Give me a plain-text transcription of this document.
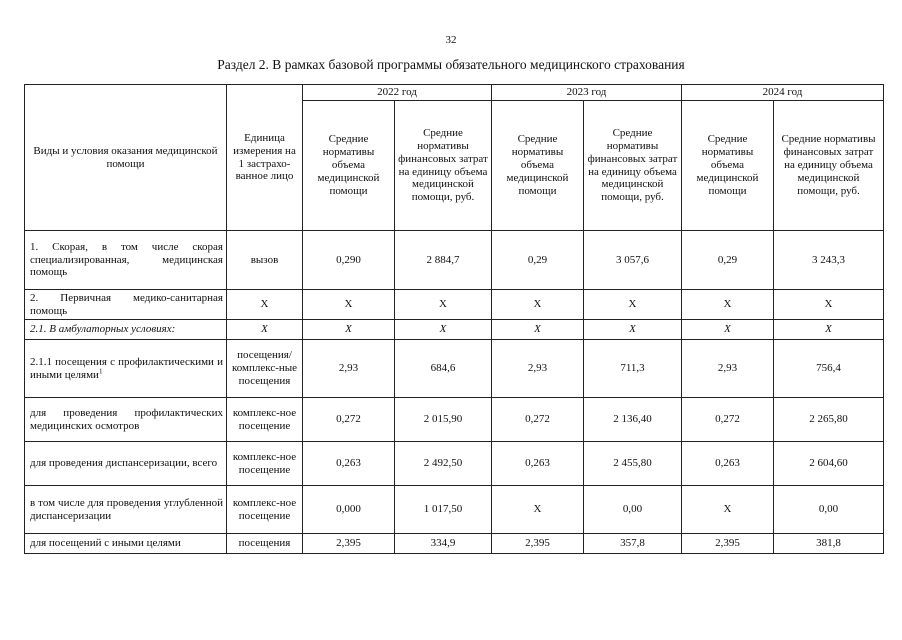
32
Раздел 2. В рамках базовой программы обязательного медицинского страхования
Виды и условия оказания медицинской помощи	Единица измерения на 1 застрахо-ванное лицо	2022 год		2023 год		2024 год	
		Средние нормативы объема медицинской помощи	Средние нормативы финансовых затрат на единицу объема медицинской помощи, руб.	Средние нормативы объема медицинской помощи	Средние нормативы финансовых затрат на единицу объема медицинской помощи, руб.	Средние нормативы объема медицинской помощи	Средние нормативы финансовых затрат на единицу объема медицинской помощи, руб.
1. Скорая, в том числе скорая специализированная, медицинская помощь	вызов	0,290	2 884,7	0,29	3 057,6	0,29	3 243,3
2. Первичная медико-санитарная помощь	X	X	X	X	X	X	X
2.1. В амбулаторных условиях:	X	X	X	X	X	X	X
2.1.1 посещения с профилактическими и иными целями$^1$	посещения/ комплекс-ные посещения	2,93	684,6	2,93	711,3	2,93	756,4
для проведения профилактических медицинских осмотров	комплекс-ное посещение	0,272	2 015,90	0,272	2 136,40	0,272	2 265,80
для проведения диспансеризации, всего	комплекс-ное посещение	0,263	2 492,50	0,263	2 455,80	0,263	2 604,60
в том числе для проведения углубленной диспансеризации	комплекс-ное посещение	0,000	1 017,50	X	0,00	X	0,00
для посещений с иными целями	посещения	2,395	334,9	2,395	357,8	2,395	381,8
